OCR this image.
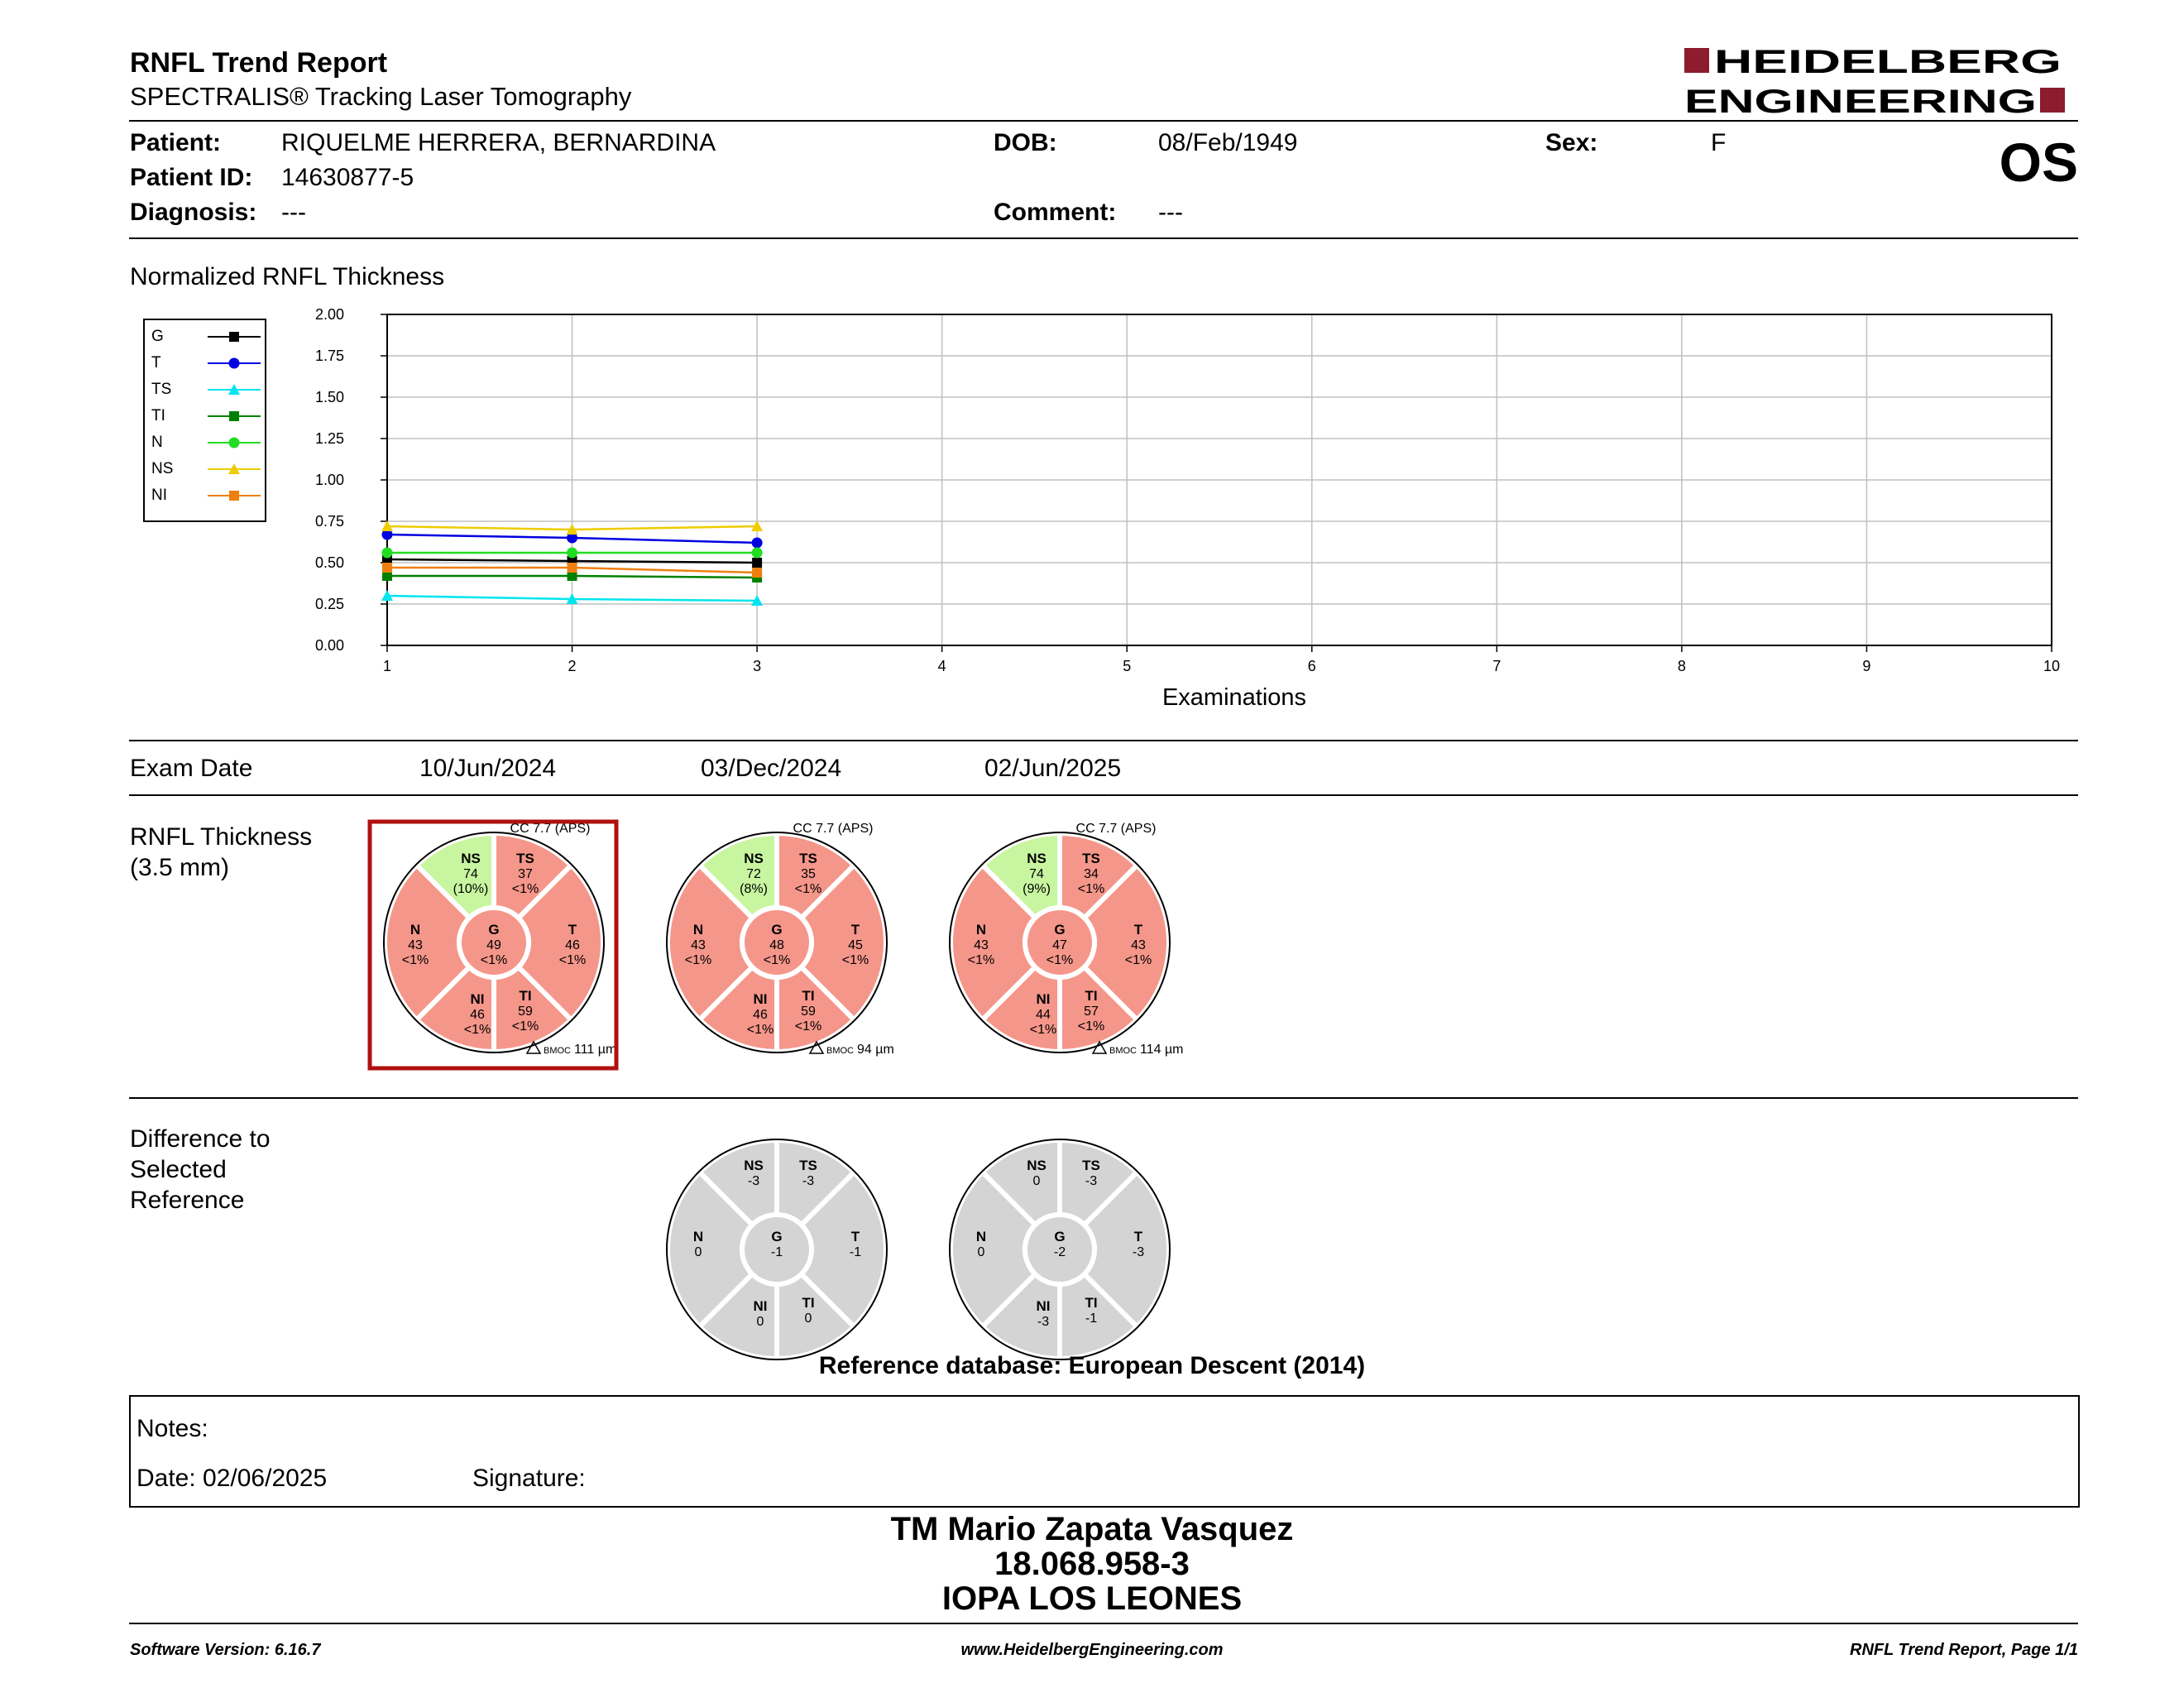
RNFL Trend Report
SPECTRALIS® Tracking Laser Tomography
HEIDELBERG
ENGINEERING
Patient: RIQUELME HERRERA, BERNARDINA	DOB:	08/Feb/1949	Sex:	F
Patient ID: 14630877-5
Diagnosis: ---	Comment: ---
OS
Normalized RNFL Thickness
G
T
TS
TI
N
NS
NI
0.00
0.25
0.50
0.75
1.00
1.25
1.50
1.75
2.00
1	2	3	4	5	6	7	8	9	10
Examinations
Exam Date	10/Jun/2024	03/Dec/2024	02/Jun/2025
RNFL Thickness
(3.5 mm)	NS
74
(10%)
TS
37
<1%
N
43
<1%
T
46
<1%
NI
46
<1%
TI
59
<1%
G
49
<1%
CC 7.7 (APS)
BMOC 111 µm
NS
72
(8%)
TS
35
<1%
N
43
<1%
T
45
<1%
NI
46
<1%
TI
59
<1%
G
48
<1%
CC 7.7 (APS)
BMOC 94 µm
NS
74
(9%)
TS
34
<1%
N
43
<1%
T
43
<1%
NI
44
<1%
TI
57
<1%
G
47
<1%
CC 7.7 (APS)
BMOC 114 µm
Difference to
Selected
Reference
NS
-3
TS
-3
N
0
T
-1
NI
0
TI
0
G
-1
NS
0
TS
-3
N
0
T
-3
NI
-3
TI
-1
G
-2
Reference database: European Descent (2014)
Notes:
Date: 02/06/2025	Signature:
TM Mario Zapata Vasquez
18.068.958-3
IOPA LOS LEONES
Software Version: 6.16.7	www.HeidelbergEngineering.com	RNFL Trend Report, Page 1/1
